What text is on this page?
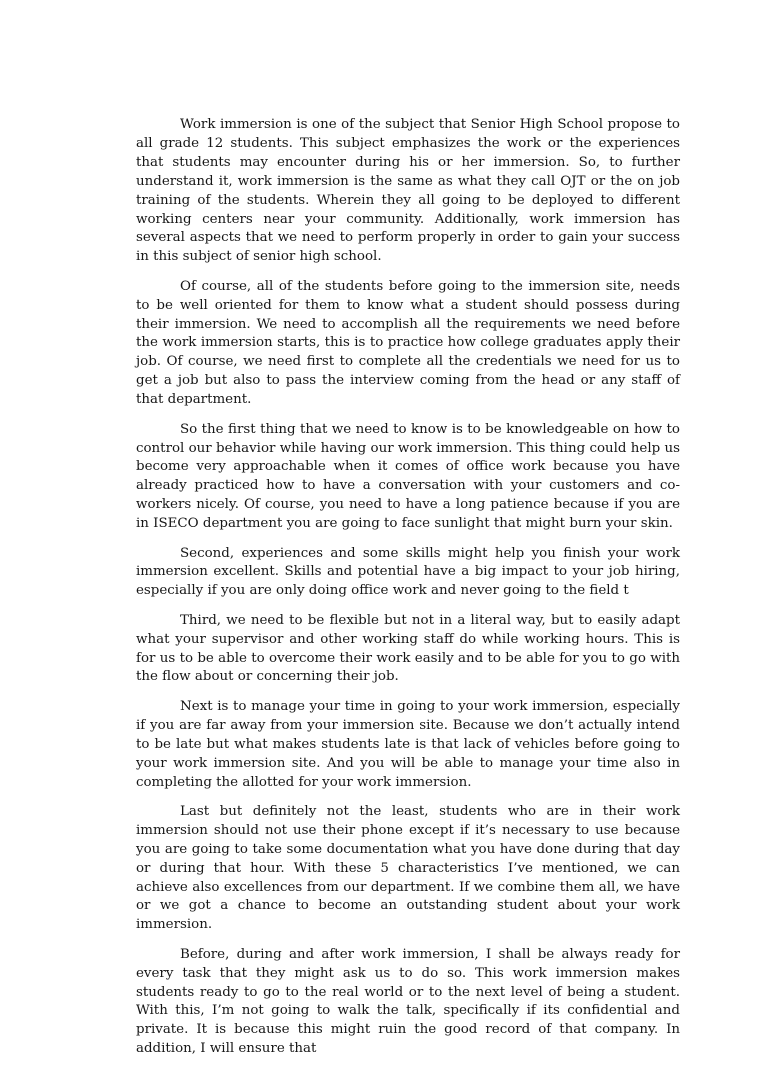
Work immersion is one of the subject that Senior High School propose to all grade 12 students. This subject emphasizes the work or the experiences that students may encounter during his or her immersion. So, to further understand it, work immersion is the same as what they call OJT or the on job training of the students. Wherein they all going to be deployed to different working centers near your community. Additionally, work immersion has several aspects that we need to perform properly in order to gain your success in this subject of senior high school.

Of course, all of the students before going to the immersion site, needs to be well oriented for them to know what a student should possess during their immersion. We need to accomplish all the requirements we need before the work immersion starts, this is to practice how college graduates apply their job. Of course, we need first to complete all the credentials we need for us to get a job but also to pass the interview coming from the head or any staff of that department.

So the first thing that we need to know is to be knowledgeable on how to control our behavior while having our work immersion. This thing could help us become very approachable when it comes of office work because you have already practiced how to have a conversation with your customers and co-workers nicely. Of course, you need to have a long patience because if you are in ISECO department you are going to face sunlight that might burn your skin.

Second, experiences and some skills might help you finish your work immersion excellent. Skills and potential have a big impact to your job hiring, especially if you are only doing office work and never going to the field t

Third, we need to be flexible but not in a literal way, but to easily adapt what your supervisor and other working staff do while working hours. This is for us to be able to overcome their work easily and to be able for you to go with the flow about or concerning their job.

Next is to manage your time in going to your work immersion, especially if you are far away from your immersion site. Because we don’t actually intend to be late but what makes students late is that lack of vehicles before going to your work immersion site. And you will be able to manage your time also in completing the allotted for your work immersion.

Last but definitely not the least, students who are in their work immersion should not use their phone except if it’s necessary to use because you are going to take some documentation what you have done during that day or during that hour. With these 5 characteristics I’ve mentioned, we can achieve also excellences from our department. If we combine them all, we have or we got a chance to become an outstanding student about your work immersion.

Before, during and after work immersion, I shall be always ready for every task that they might ask us to do so. This work immersion makes students ready to go to the real world or to the next level of being a student. With this, I’m not going to walk the talk, specifically if its confidential and private. It is because this might ruin the good record of that company. In addition, I will ensure that
